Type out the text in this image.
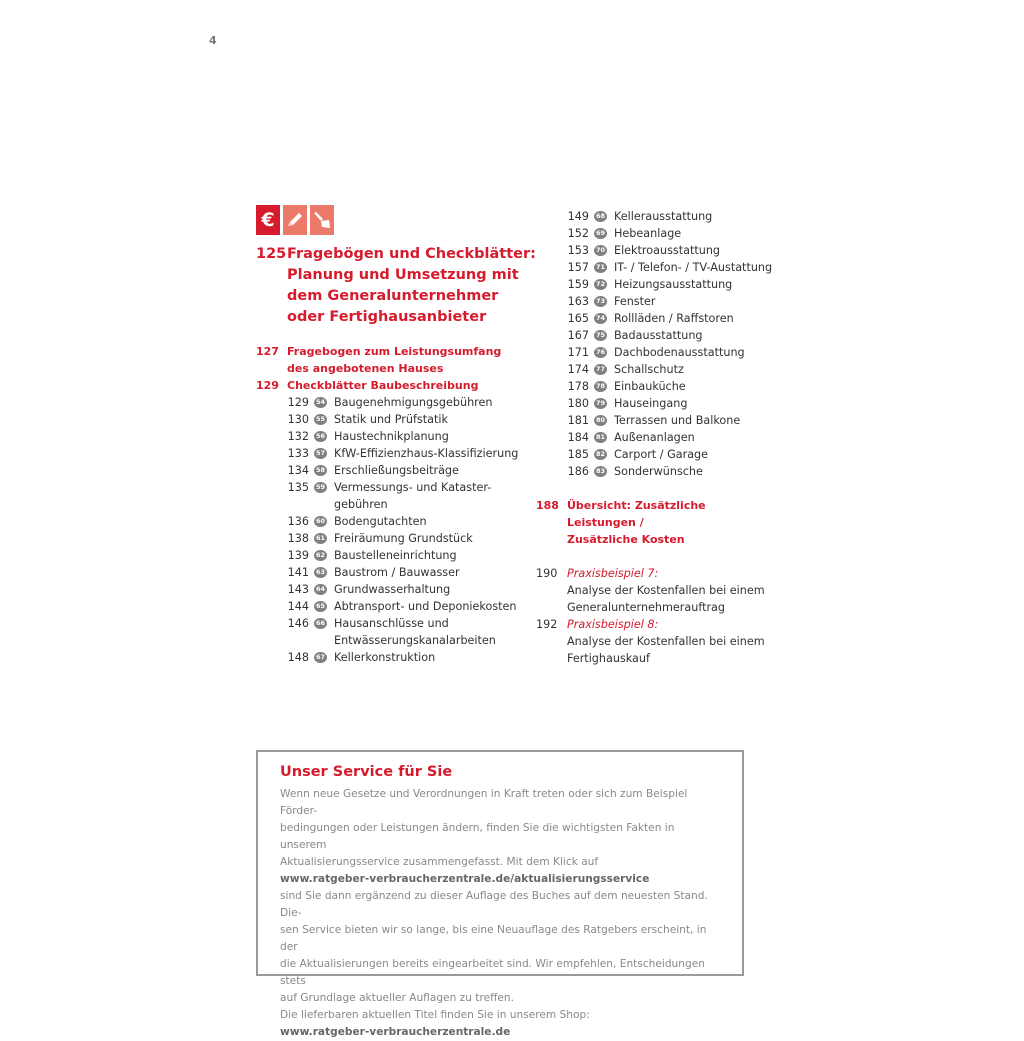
4
€
125 Fragebögen und Checkblätter: Planung und Umsetzung mit dem Generalunternehmer oder Fertighausanbieter
127 Fragebogen zum Leistungsumfang
des angebotenen Hauses
129 Checkblätter Baubeschreibung
129	54 Baugenehmigungsgebühren
130	55 Statik und Prüfstatik
132	56 Haustechnikplanung
133	57 KfW-Effizienzhaus-Klassifizierung
134	58 Erschließungsbeiträge
135	59 Vermessungs- und Kataster-
gebühren
136	60 Bodengutachten
138	61 Freiräumung Grundstück
139	62 Baustelleneinrichtung
141	63 Baustrom / Bauwasser
143	64 Grundwasserhaltung
144	65 Abtransport- und Deponiekosten
146	66 Hausanschlüsse und
Entwässerungskanalarbeiten
148	67 Kellerkonstruktion
149	68 Kellerausstattung
152	69 Hebeanlage
153	70 Elektroausstattung
157	71 IT- / Telefon- / TV-Austattung
159	72 Heizungsausstattung
163	73 Fenster
165	74 Rollläden / Raffstoren
167	75 Badausstattung
171	76 Dachbodenausstattung
174	77 Schallschutz
178	78 Einbauküche
180	79 Hauseingang
181	80 Terrassen und Balkone
184	81 Außenanlagen
185	82 Carport / Garage
186	83 Sonderwünsche
188 Übersicht: Zusätzliche Leistungen /
Zusätzliche Kosten
190 Praxisbeispiel 7:
Analyse der Kostenfallen bei einem
Generalunternehmerauftrag
192 Praxisbeispiel 8:
Analyse der Kostenfallen bei einem
Fertighauskauf
Unser Service für Sie
Wenn neue Gesetze und Verordnungen in Kraft treten oder sich zum Beispiel Förder-
bedingungen oder Leistungen ändern, finden Sie die wichtigsten Fakten in unserem
Aktualisierungsservice zusammengefasst. Mit dem Klick auf
www.ratgeber-verbraucherzentrale.de/aktualisierungsservice
sind Sie dann ergänzend zu dieser Auflage des Buches auf dem neuesten Stand. Die-
sen Service bieten wir so lange, bis eine Neuauflage des Ratgebers erscheint, in der
die Aktualisierungen bereits eingearbeitet sind. Wir empfehlen, Entscheidungen stets
auf Grundlage aktueller Auflagen zu treffen.
Die lieferbaren aktuellen Titel finden Sie in unserem Shop:
www.ratgeber-verbraucherzentrale.de
